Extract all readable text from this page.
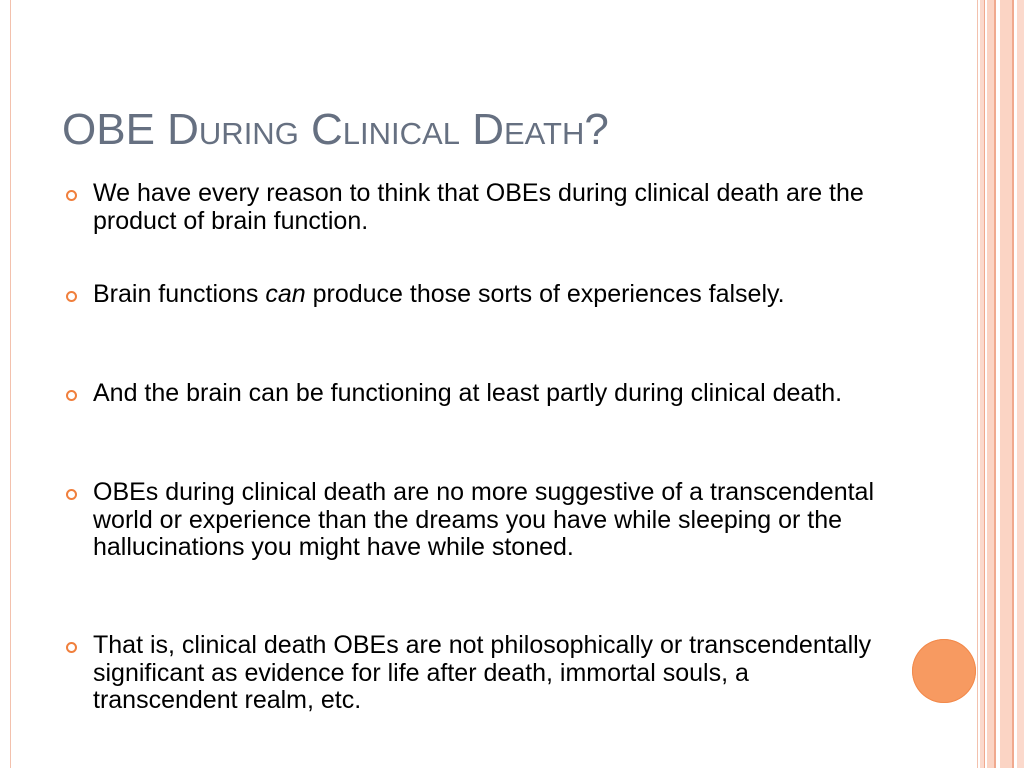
OBE During Clinical Death?
We have every reason to think that OBEs during clinical death are the product of brain function.
Brain functions can produce those sorts of experiences falsely.
And the brain can be functioning at least partly during clinical death.
OBEs during clinical death are no more suggestive of a transcendental world or experience than the dreams you have while sleeping or the hallucinations you might have while stoned.
That is, clinical death OBEs are not philosophically or transcendentally significant as evidence for life after death, immortal souls, a transcendent realm, etc.
